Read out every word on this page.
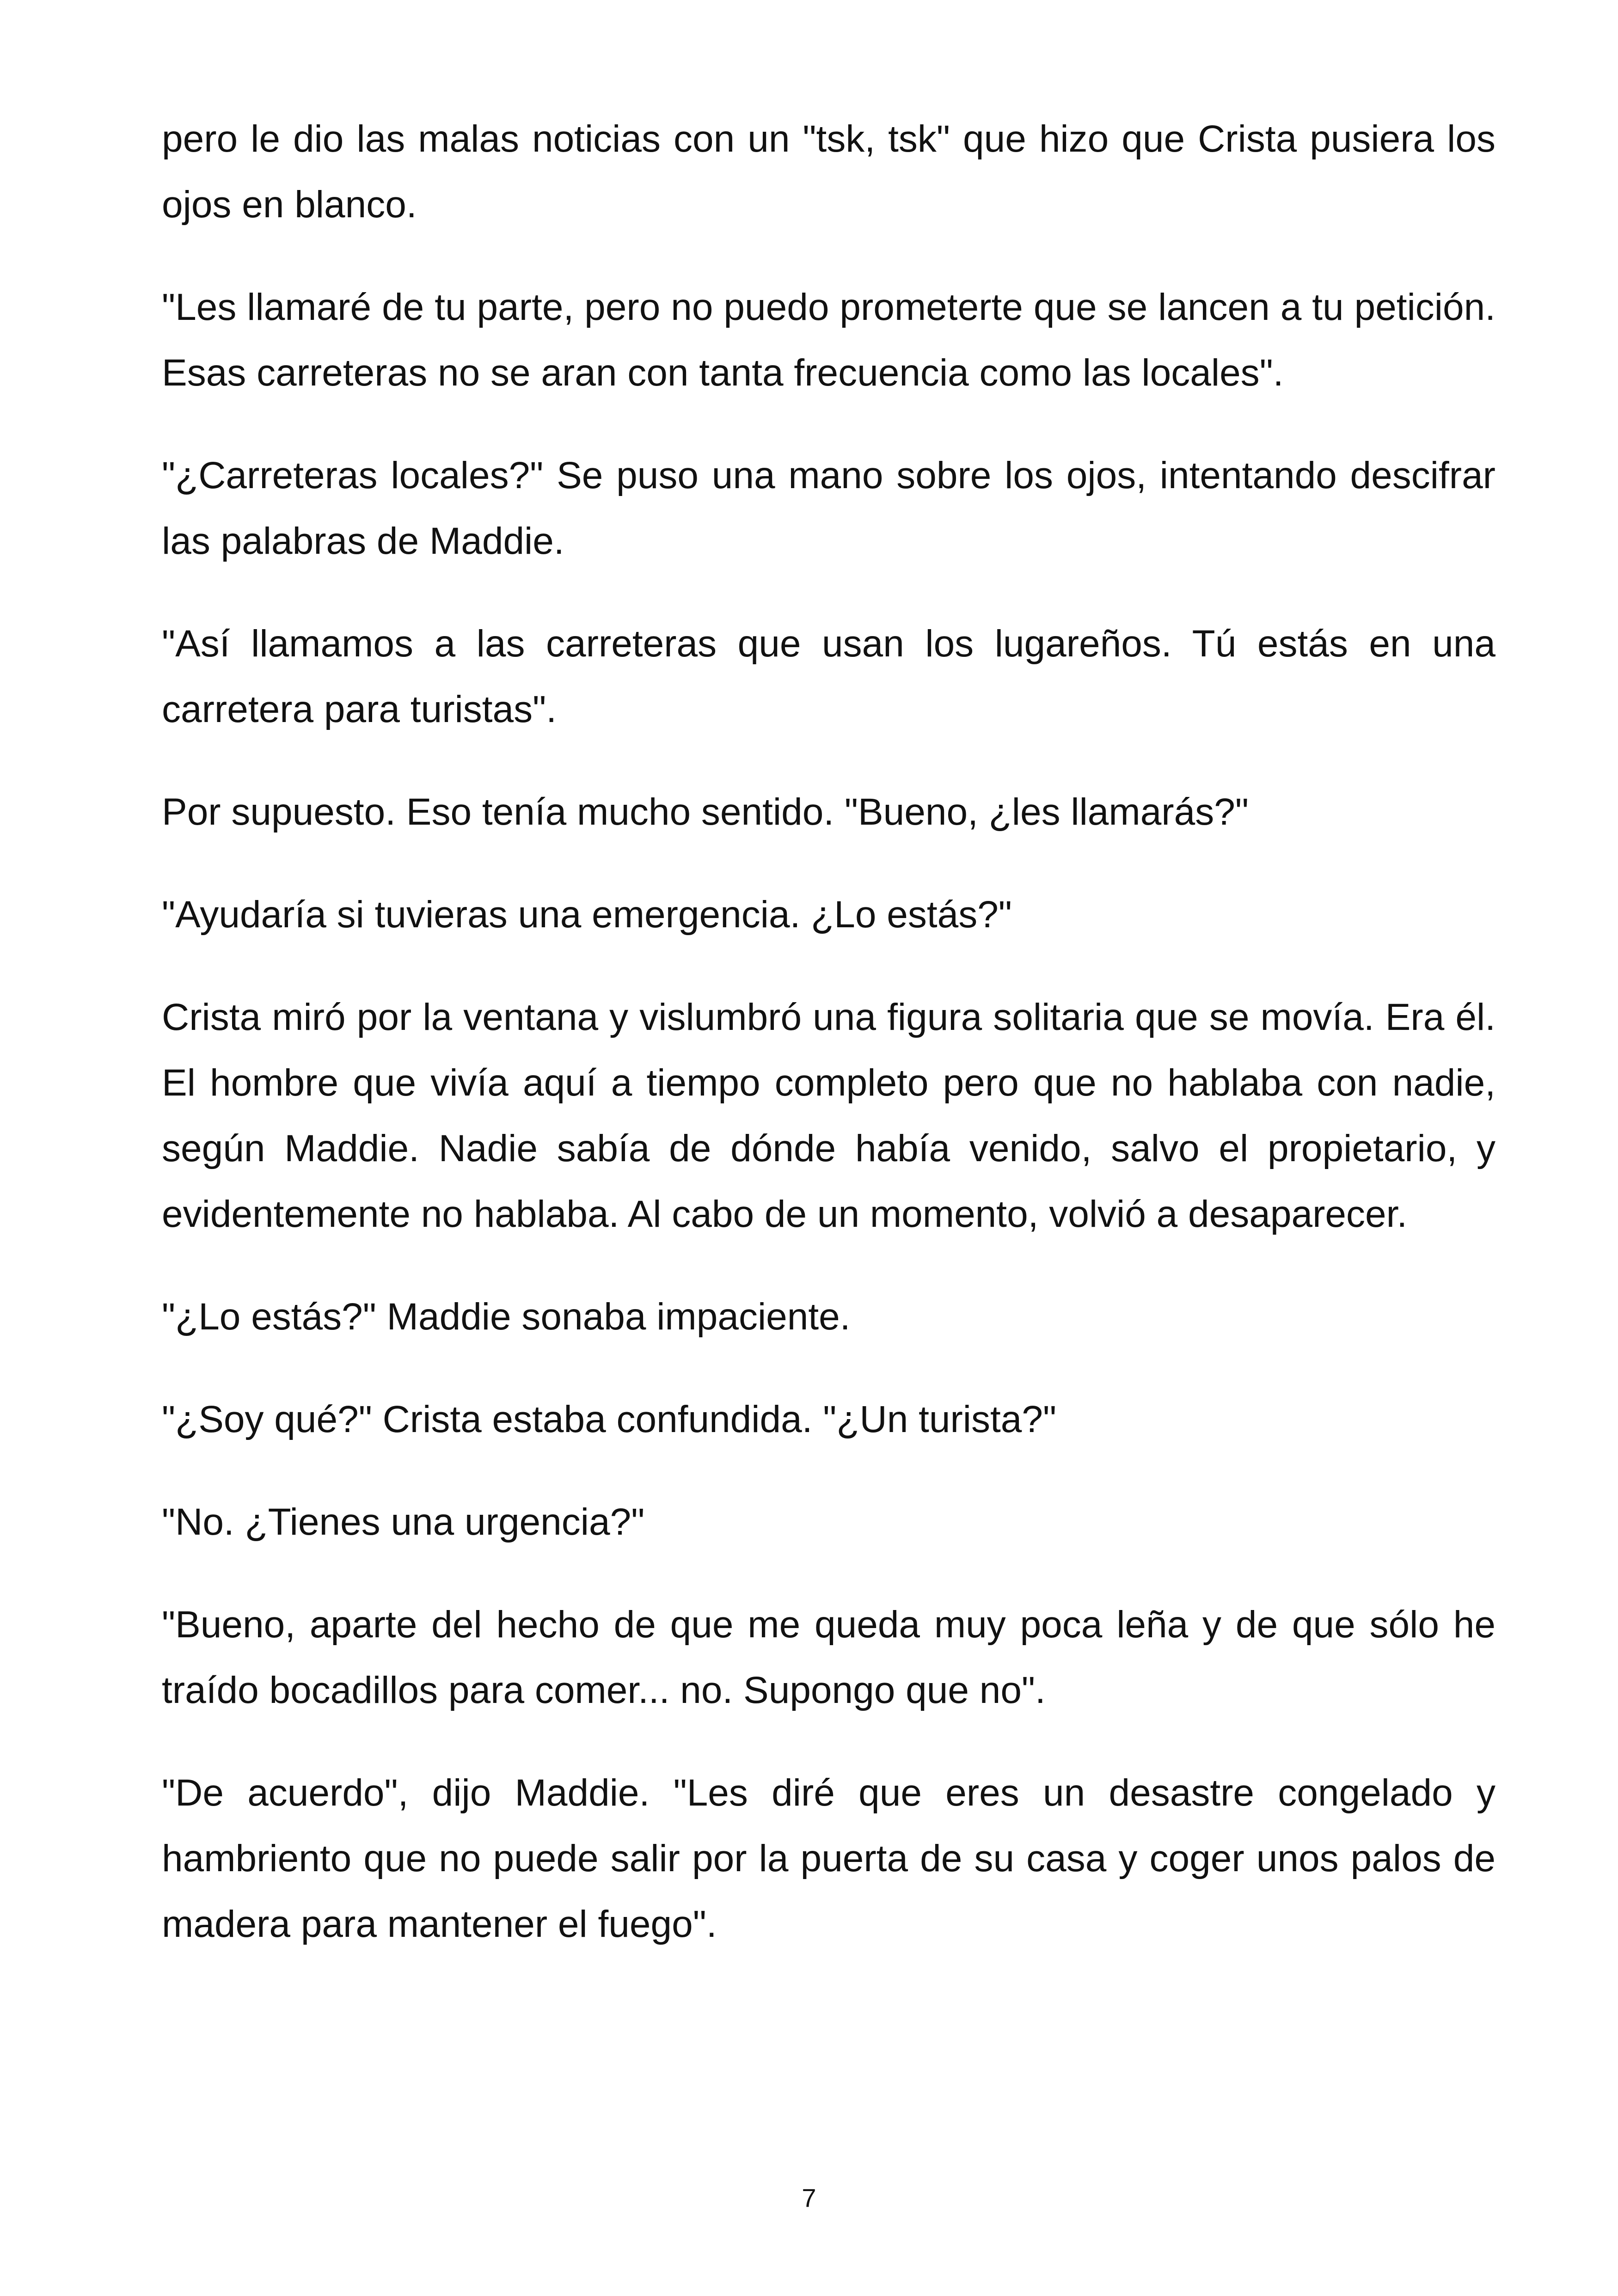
pero le dio las malas noticias con un "tsk, tsk" que hizo que Crista pusiera los ojos en blanco.

"Les llamaré de tu parte, pero no puedo prometerte que se lancen a tu petición. Esas carreteras no se aran con tanta frecuencia como las locales".

"¿Carreteras locales?" Se puso una mano sobre los ojos, intentando descifrar las palabras de Maddie.

"Así llamamos a las carreteras que usan los lugareños. Tú estás en una carretera para turistas".

Por supuesto. Eso tenía mucho sentido. "Bueno, ¿les llamarás?"

"Ayudaría si tuvieras una emergencia. ¿Lo estás?"

Crista miró por la ventana y vislumbró una figura solitaria que se movía. Era él. El hombre que vivía aquí a tiempo completo pero que no hablaba con nadie, según Maddie. Nadie sabía de dónde había venido, salvo el propietario, y evidentemente no hablaba. Al cabo de un momento, volvió a desaparecer.

"¿Lo estás?" Maddie sonaba impaciente.

"¿Soy qué?" Crista estaba confundida. "¿Un turista?"

"No. ¿Tienes una urgencia?"

"Bueno, aparte del hecho de que me queda muy poca leña y de que sólo he traído bocadillos para comer... no. Supongo que no".

"De acuerdo", dijo Maddie. "Les diré que eres un desastre congelado y hambriento que no puede salir por la puerta de su casa y coger unos palos de madera para mantener el fuego".

7
